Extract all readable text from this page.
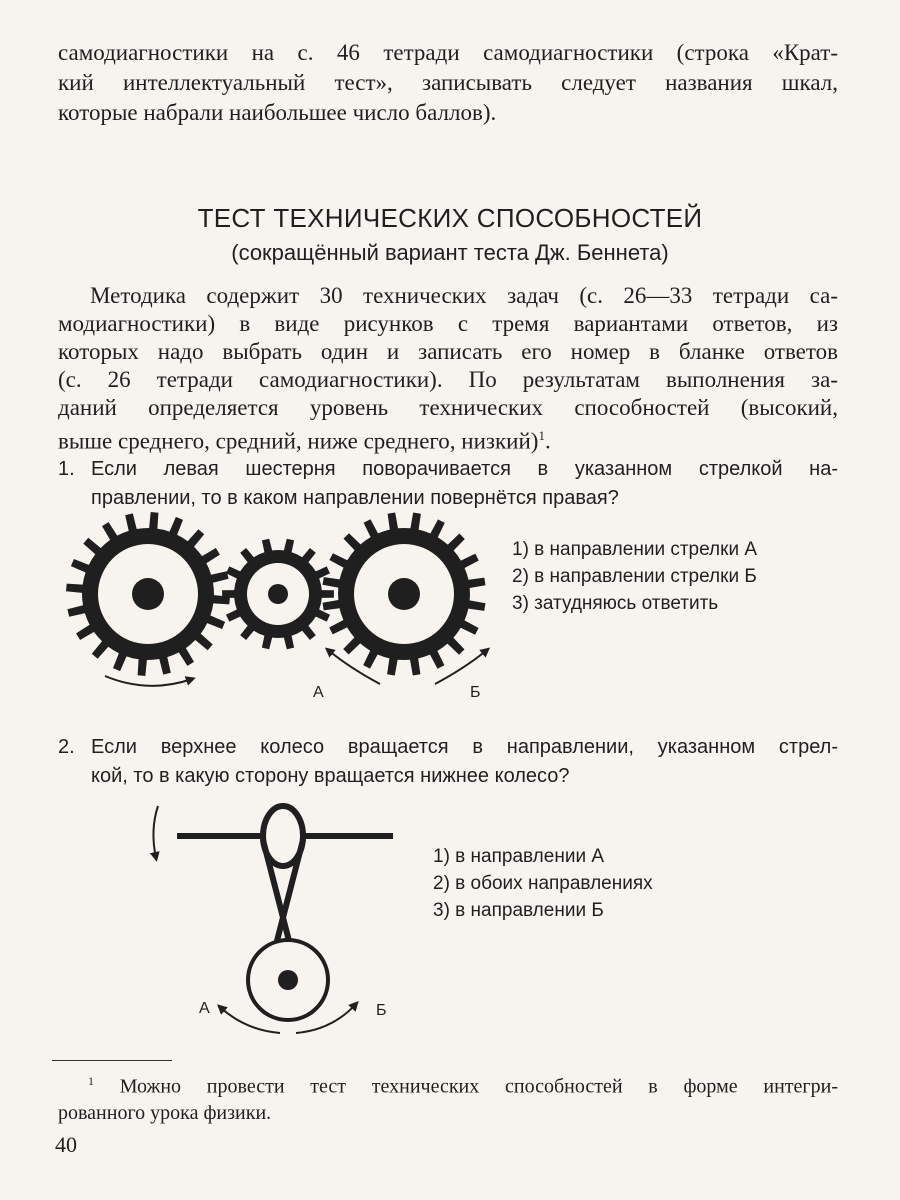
самодиагностики на с. 46 тетради самодиагностики (строка «Крат-
кий интеллектуальный тест», записывать следует названия шкал,
которые набрали наибольшее число баллов).
ТЕСТ ТЕХНИЧЕСКИХ СПОСОБНОСТЕЙ
(сокращённый вариант теста Дж. Беннета)
Методика содержит 30 технических задач (с. 26—33 тетради са-
модиагностики) в виде рисунков с тремя вариантами ответов, из
которых надо выбрать один и записать его номер в бланке ответов
(с. 26 тетради самодиагностики). По результатам выполнения за-
даний определяется уровень технических способностей (высокий,
выше среднего, средний, ниже среднего, низкий)$^1$.
1. Если левая шестерня поворачивается в указанном стрелкой на-
правлении, то в каком направлении повернётся правая?
1) в направлении стрелки А
2) в направлении стрелки Б
3) затудняюсь ответить
А	Б
2. Если верхнее колесо вращается в направлении, указанном стрел-
кой, то в какую сторону вращается нижнее колесо?
1) в направлении А
2) в обоих направлениях
3) в направлении Б
А	Б
$^1$ Можно провести тест технических способностей в форме интегри-
рованного урока физики.
40
